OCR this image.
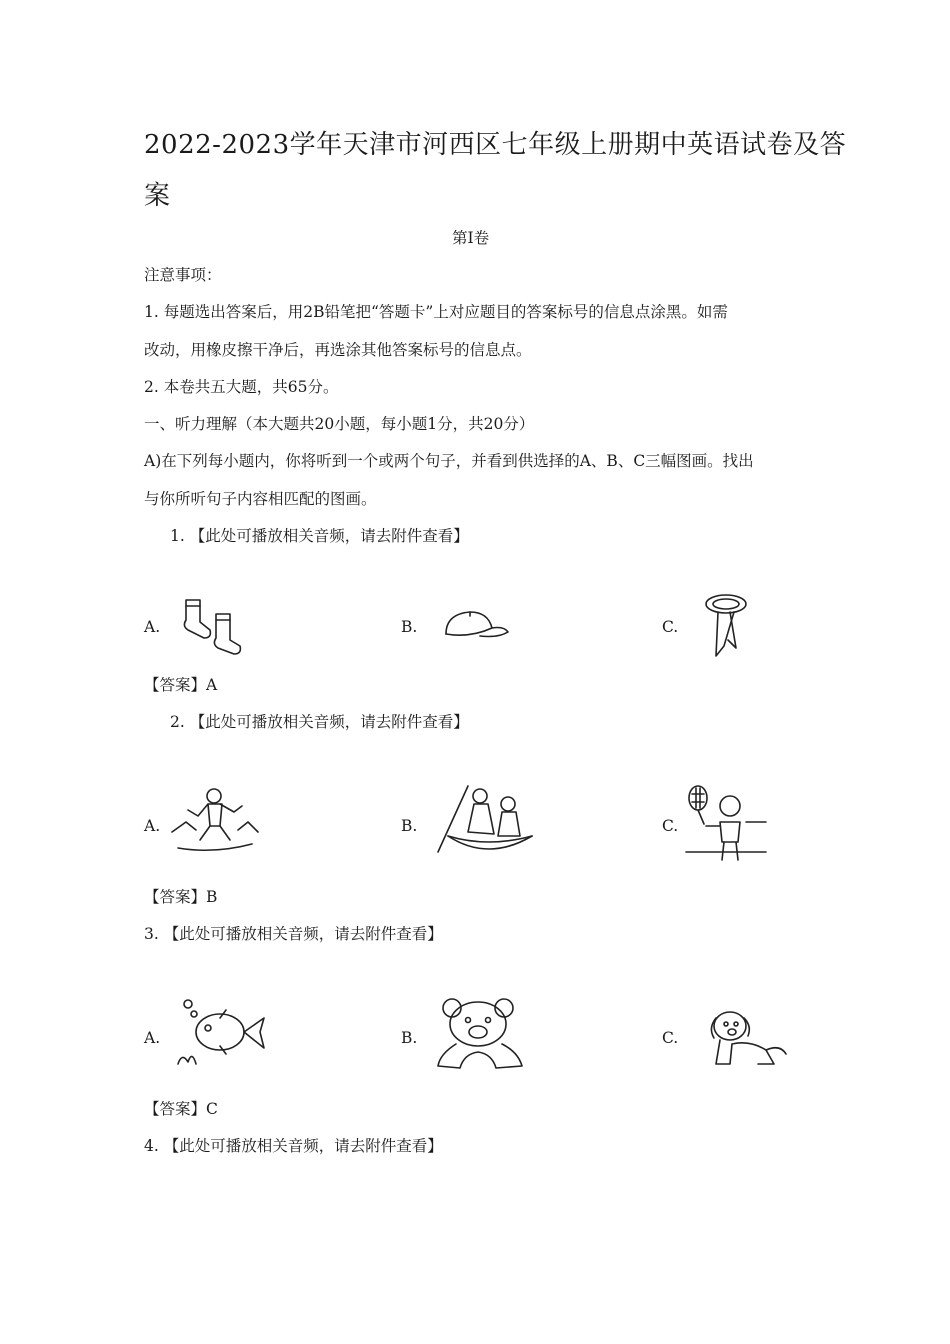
2022-2023学年天津市河西区七年级上册期中英语试卷及答
案
第Ⅰ卷
注意事项：
1. 每题选出答案后，用2B铅笔把“答题卡”上对应题目的答案标号的信息点涂黑。如需
改动，用橡皮擦干净后，再选涂其他答案标号的信息点。
2. 本卷共五大题，共65分。
一、听力理解（本大题共20小题，每小题1分，共20分）
A)在下列每小题内，你将听到一个或两个句子，并看到供选择的A、B、C三幅图画。找出
与你所听句子内容相匹配的图画。
1. 【此处可播放相关音频，请去附件查看】
A.	B.	C.
【答案】A
2. 【此处可播放相关音频，请去附件查看】
A.	B.	C.
【答案】B
3. 【此处可播放相关音频，请去附件查看】
A.	B.	C.
【答案】C
4. 【此处可播放相关音频，请去附件查看】
